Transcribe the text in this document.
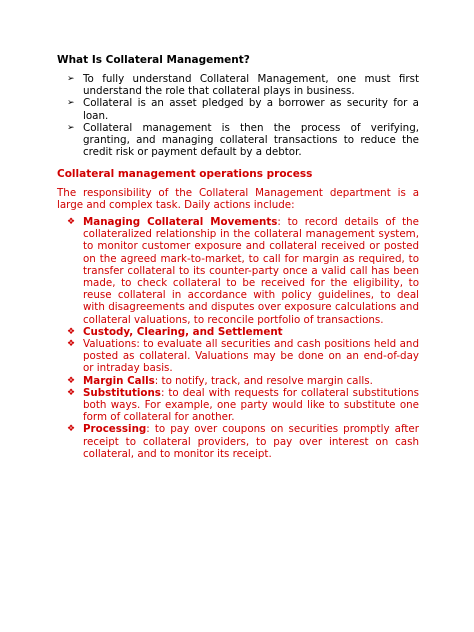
What Is Collateral Management?
➢ To fully understand Collateral Management, one must first understand the role that collateral plays in business.
➢ Collateral is an asset pledged by a borrower as security for a loan.
➢ Collateral management is then the process of verifying, granting, and managing collateral transactions to reduce the credit risk or payment default by a debtor.
Collateral management operations process
The responsibility of the Collateral Management department is a large and complex task. Daily actions include:
❖ Managing Collateral Movements: to record details of the collateralized relationship in the collateral management system, to monitor customer exposure and collateral received or posted on the agreed mark-to-market, to call for margin as required, to transfer collateral to its counter-party once a valid call has been made, to check collateral to be received for the eligibility, to reuse collateral in accordance with policy guidelines, to deal with disagreements and disputes over exposure calculations and collateral valuations, to reconcile portfolio of transactions.
❖ Custody, Clearing, and Settlement
❖ Valuations: to evaluate all securities and cash positions held and posted as collateral. Valuations may be done on an end-of-day or intraday basis.
❖ Margin Calls: to notify, track, and resolve margin calls.
❖ Substitutions: to deal with requests for collateral substitutions both ways. For example, one party would like to substitute one form of collateral for another.
❖ Processing: to pay over coupons on securities promptly after receipt to collateral providers, to pay over interest on cash collateral, and to monitor its receipt.
